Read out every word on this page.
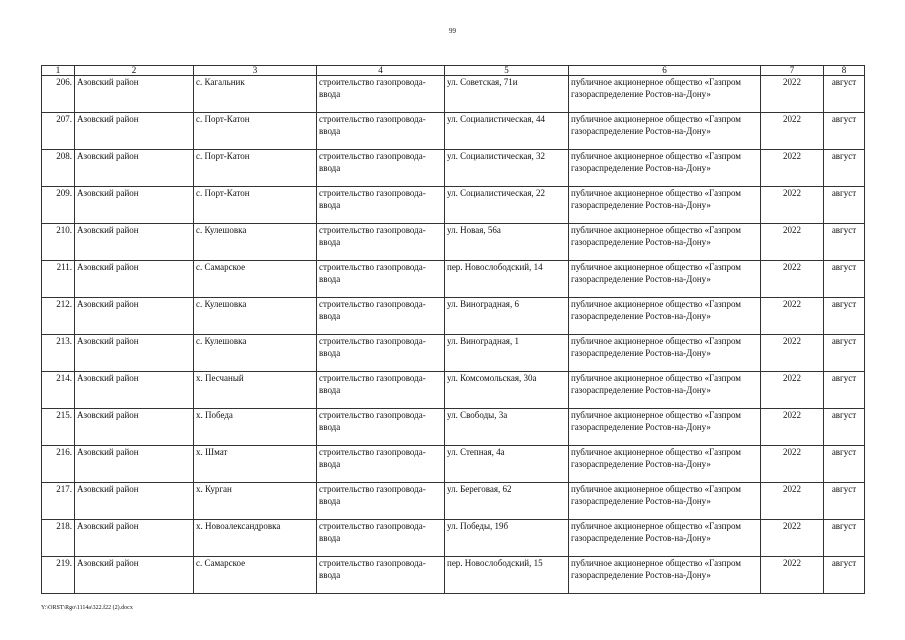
99
1	2	3	4	5	6	7	8
206.	Азовский район	с. Кагальник	строительство газопровода-ввода	ул. Советская, 71и	публичное акционерное общество «Газпром газораспределение Ростов-на-Дону»	2022	август
207.	Азовский район	с. Порт-Катон	строительство газопровода-ввода	ул. Социалистическая, 44	публичное акционерное общество «Газпром газораспределение Ростов-на-Дону»	2022	август
208.	Азовский район	с. Порт-Катон	строительство газопровода-ввода	ул. Социалистическая, 32	публичное акционерное общество «Газпром газораспределение Ростов-на-Дону»	2022	август
209.	Азовский район	с. Порт-Катон	строительство газопровода-ввода	ул. Социалистическая, 22	публичное акционерное общество «Газпром газораспределение Ростов-на-Дону»	2022	август
210.	Азовский район	с. Кулешовка	строительство газопровода-ввода	ул. Новая, 56а	публичное акционерное общество «Газпром газораспределение Ростов-на-Дону»	2022	август
211.	Азовский район	с. Самарское	строительство газопровода-ввода	пер. Новослободский, 14	публичное акционерное общество «Газпром газораспределение Ростов-на-Дону»	2022	август
212.	Азовский район	с. Кулешовка	строительство газопровода-ввода	ул. Виноградная, 6	публичное акционерное общество «Газпром газораспределение Ростов-на-Дону»	2022	август
213.	Азовский район	с. Кулешовка	строительство газопровода-ввода	ул. Виноградная, 1	публичное акционерное общество «Газпром газораспределение Ростов-на-Дону»	2022	август
214.	Азовский район	х. Песчаный	строительство газопровода-ввода	ул. Комсомольская, 30а	публичное акционерное общество «Газпром газораспределение Ростов-на-Дону»	2022	август
215.	Азовский район	х. Победа	строительство газопровода-ввода	ул. Свободы, 3а	публичное акционерное общество «Газпром газораспределение Ростов-на-Дону»	2022	август
216.	Азовский район	х. Шмат	строительство газопровода-ввода	ул. Степная, 4а	публичное акционерное общество «Газпром газораспределение Ростов-на-Дону»	2022	август
217.	Азовский район	х. Курган	строительство газопровода-ввода	ул. Береговая, 62	публичное акционерное общество «Газпром газораспределение Ростов-на-Дону»	2022	август
218.	Азовский район	х. Новоалександровка	строительство газопровода-ввода	ул. Победы, 19б	публичное акционерное общество «Газпром газораспределение Ростов-на-Дону»	2022	август
219.	Азовский район	с. Самарское	строительство газопровода-ввода	пер. Новослободский, 15	публичное акционерное общество «Газпром газораспределение Ростов-на-Дону»	2022	август
Y:\ORST\Rgo\1114a\322.f22 (2).docx
